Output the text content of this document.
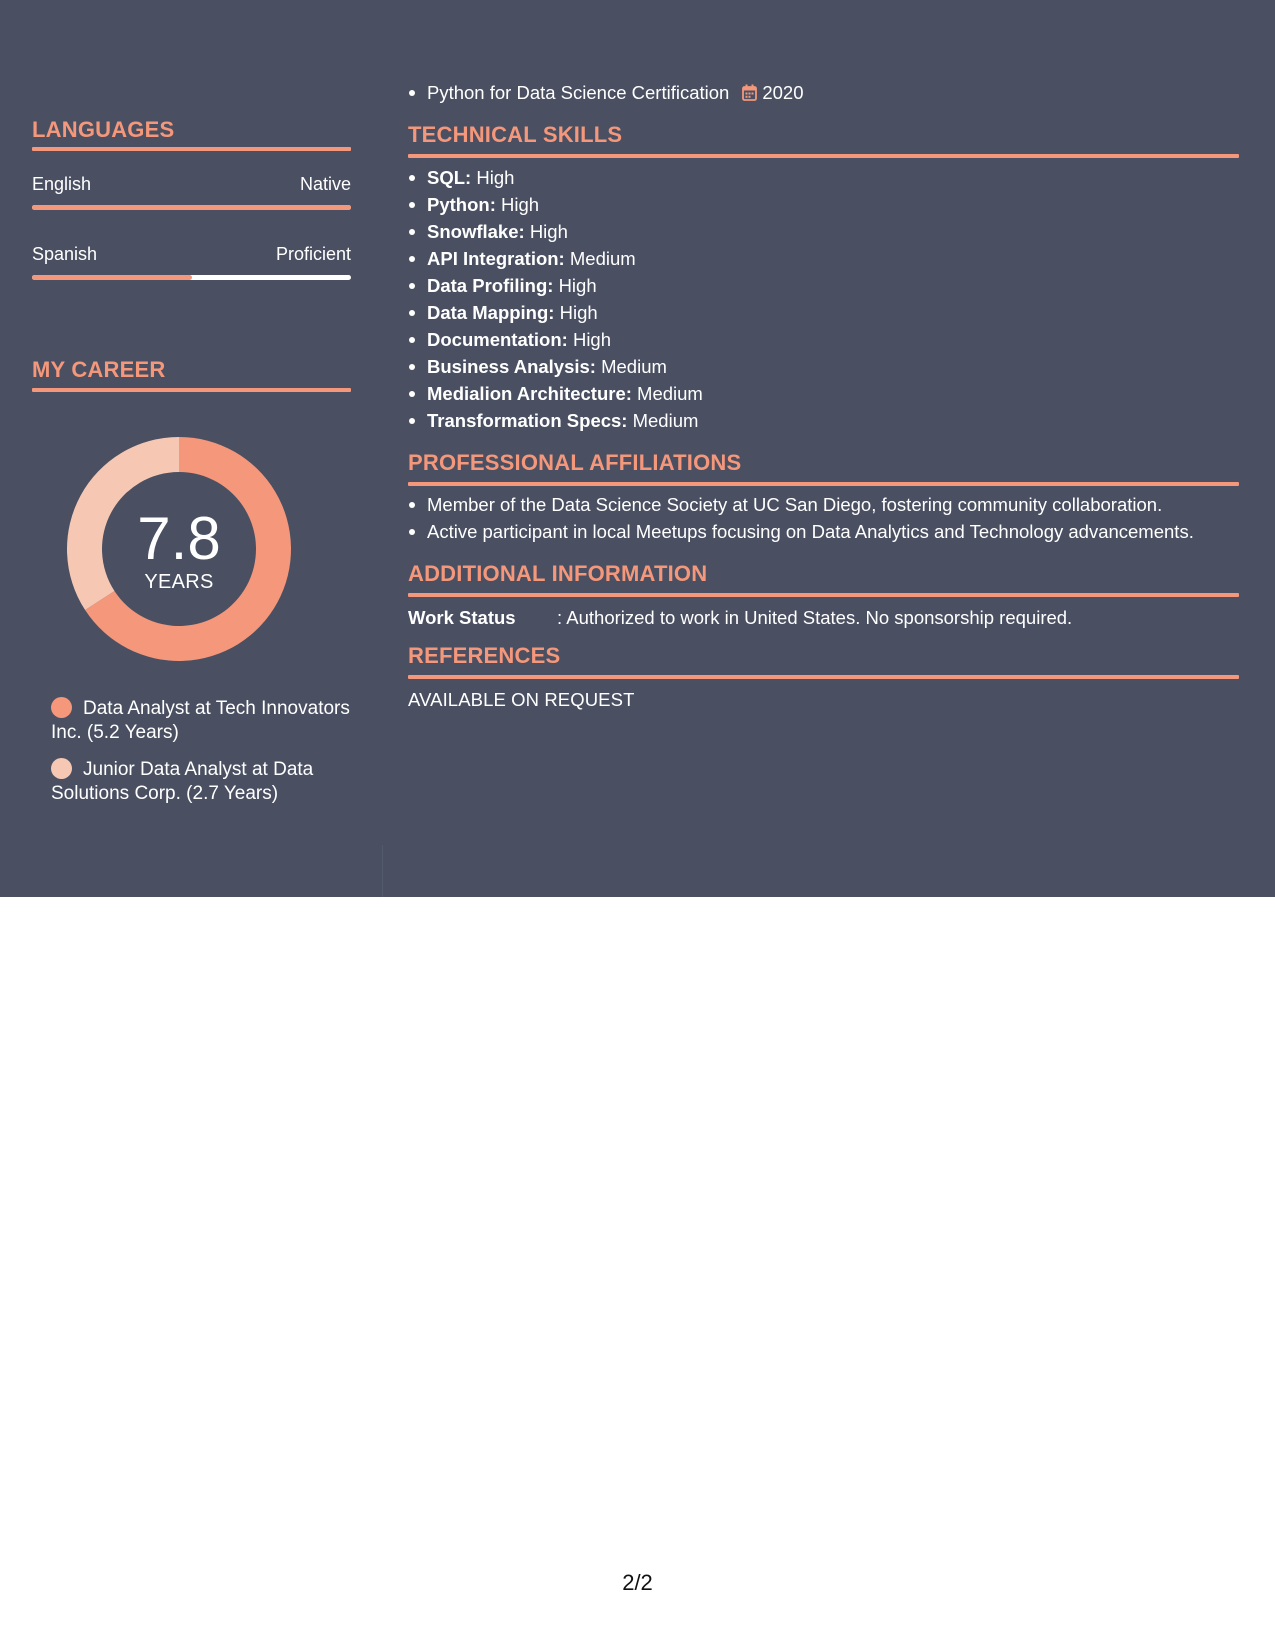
LANGUAGES
English	Native
Spanish	Proficient
MY CAREER
7.8
YEARS
Data Analyst at Tech Innovators Inc. (5.2 Years)
Junior Data Analyst at Data Solutions Corp. (2.7 Years)
Python for Data Science Certification 2020
TECHNICAL SKILLS
SQL: High
Python: High
Snowflake: High
API Integration: Medium
Data Profiling: High
Data Mapping: High
Documentation: High
Business Analysis: Medium
Medialion Architecture: Medium
Transformation Specs: Medium
PROFESSIONAL AFFILIATIONS
Member of the Data Science Society at UC San Diego, fostering community collaboration.
Active participant in local Meetups focusing on Data Analytics and Technology advancements.
ADDITIONAL INFORMATION
Work Status : Authorized to work in United States. No sponsorship required.
REFERENCES
AVAILABLE ON REQUEST
2/2
